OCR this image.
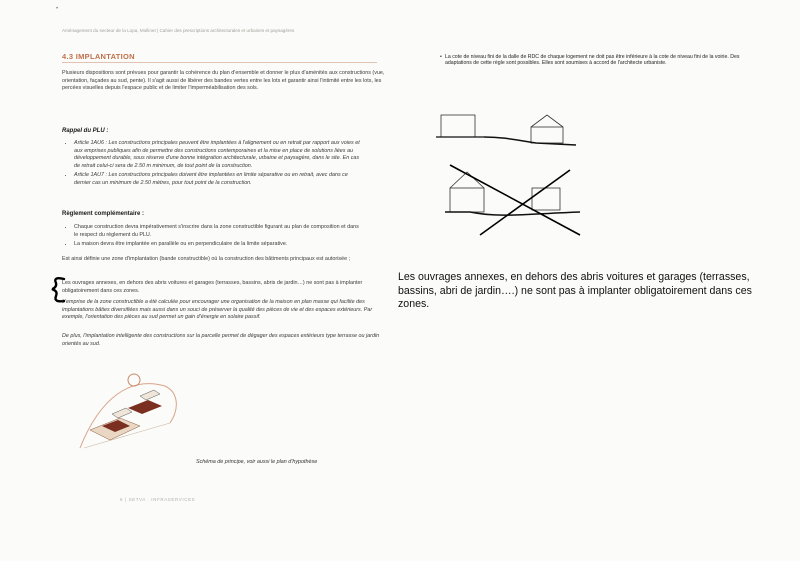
•
Aménagement du secteur de la Lopa, Mollinet | Cahier des prescriptions architecturales et urbaines et paysagères
4.3 IMPLANTATION
Plusieurs dispositions sont prévues pour garantir la cohérence du plan d'ensemble et donner le plus d'aménités aux constructions (vue, orientation, façades au sud, pente). Il s'agit aussi de libérer des bandes vertes entre les lots et garantir ainsi l'intimité entre les lots, les percées visuelles depuis l'espace public et de limiter l'imperméabilisation des sols.
Rappel du PLU :
• Article 1AU6 : Les constructions principales peuvent être implantées à l'alignement ou en retrait par rapport aux voies et aux emprises publiques afin de permettre des constructions contemporaines et la mise en place de solutions liées au développement durable, sous réserve d'une bonne intégration architecturale, urbaine et paysagère, dans le site. En cas de retrait celui-ci sera de 2.50 m minimum, de tout point de la construction.
• Article 1AU7 : Les constructions principales doivent être implantées en limite séparative ou en retrait, avec dans ce dernier cas un minimum de 2.50 mètres, pour tout point de la construction.
Règlement complémentaire :
• Chaque construction devra impérativement s'inscrire dans la zone constructible figurant au plan de composition et dans le respect du règlement du PLU.
• La maison devra être implantée en parallèle ou en perpendiculaire de la limite séparative.
Est ainsi définie une zone d'implantation (bande constructible) où la construction des bâtiments principaux est autorisée ;
Les ouvrages annexes, en dehors des abris voitures et garages (terrasses, bassins, abris de jardin…) ne sont pas à implanter obligatoirement dans ces zones.
L'emprise de la zone constructible a été calculée pour encourager une organisation de la maison en plan masse qui facilite des implantations bâties diversifiées mais aussi dans un souci de préserver la qualité des pièces de vie et des espaces extérieurs. Par exemple, l'orientation des pièces au sud permet un gain d'énergie en solaire passif.
De plus, l'implantation intelligente des constructions sur la parcelle permet de dégager des espaces extérieurs type terrasse ou jardin orientés au sud.
Schéma de principe, voir aussi le plan d'hypothèse
6 | SETVA . INFRASERVICES
• La cote de niveau fini de la dalle de RDC de chaque logement ne doit pas être inférieure à la cote de niveau fini de la voirie. Des adaptations de cette règle sont possibles. Elles sont soumises à accord de l'architecte urbaniste.
Les ouvrages annexes, en dehors des abris voitures et garages (terrasses, bassins, abri de jardin….) ne sont pas à implanter obligatoirement dans ces zones.
